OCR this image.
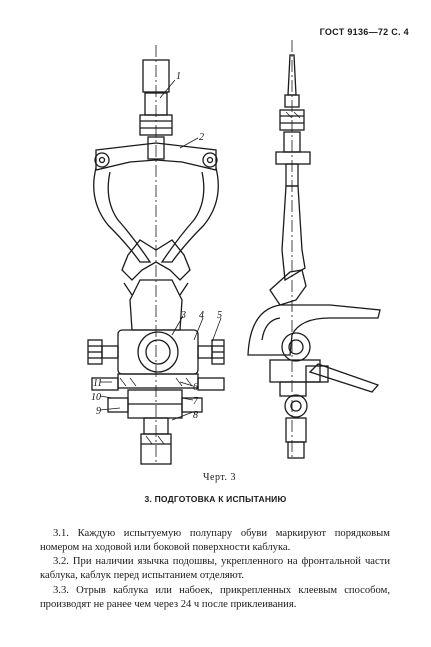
ГОСТ 9136—72 С. 4
1
2
3 4 5
6
7
8
9
10
11
Черт. 3
3. ПОДГОТОВКА К ИСПЫТАНИЮ

3.1. Каждую испытуемую полупару обуви маркируют порядковым номером на ходовой или боковой поверхности каблука.

3.2. При наличии язычка подошвы, укрепленного на фронтальной части каблука, каблук перед испытанием отделяют.

3.3. Отрыв каблука или набоек, прикрепленных клеевым способом, производят не ранее чем через 24 ч после приклеивания.
